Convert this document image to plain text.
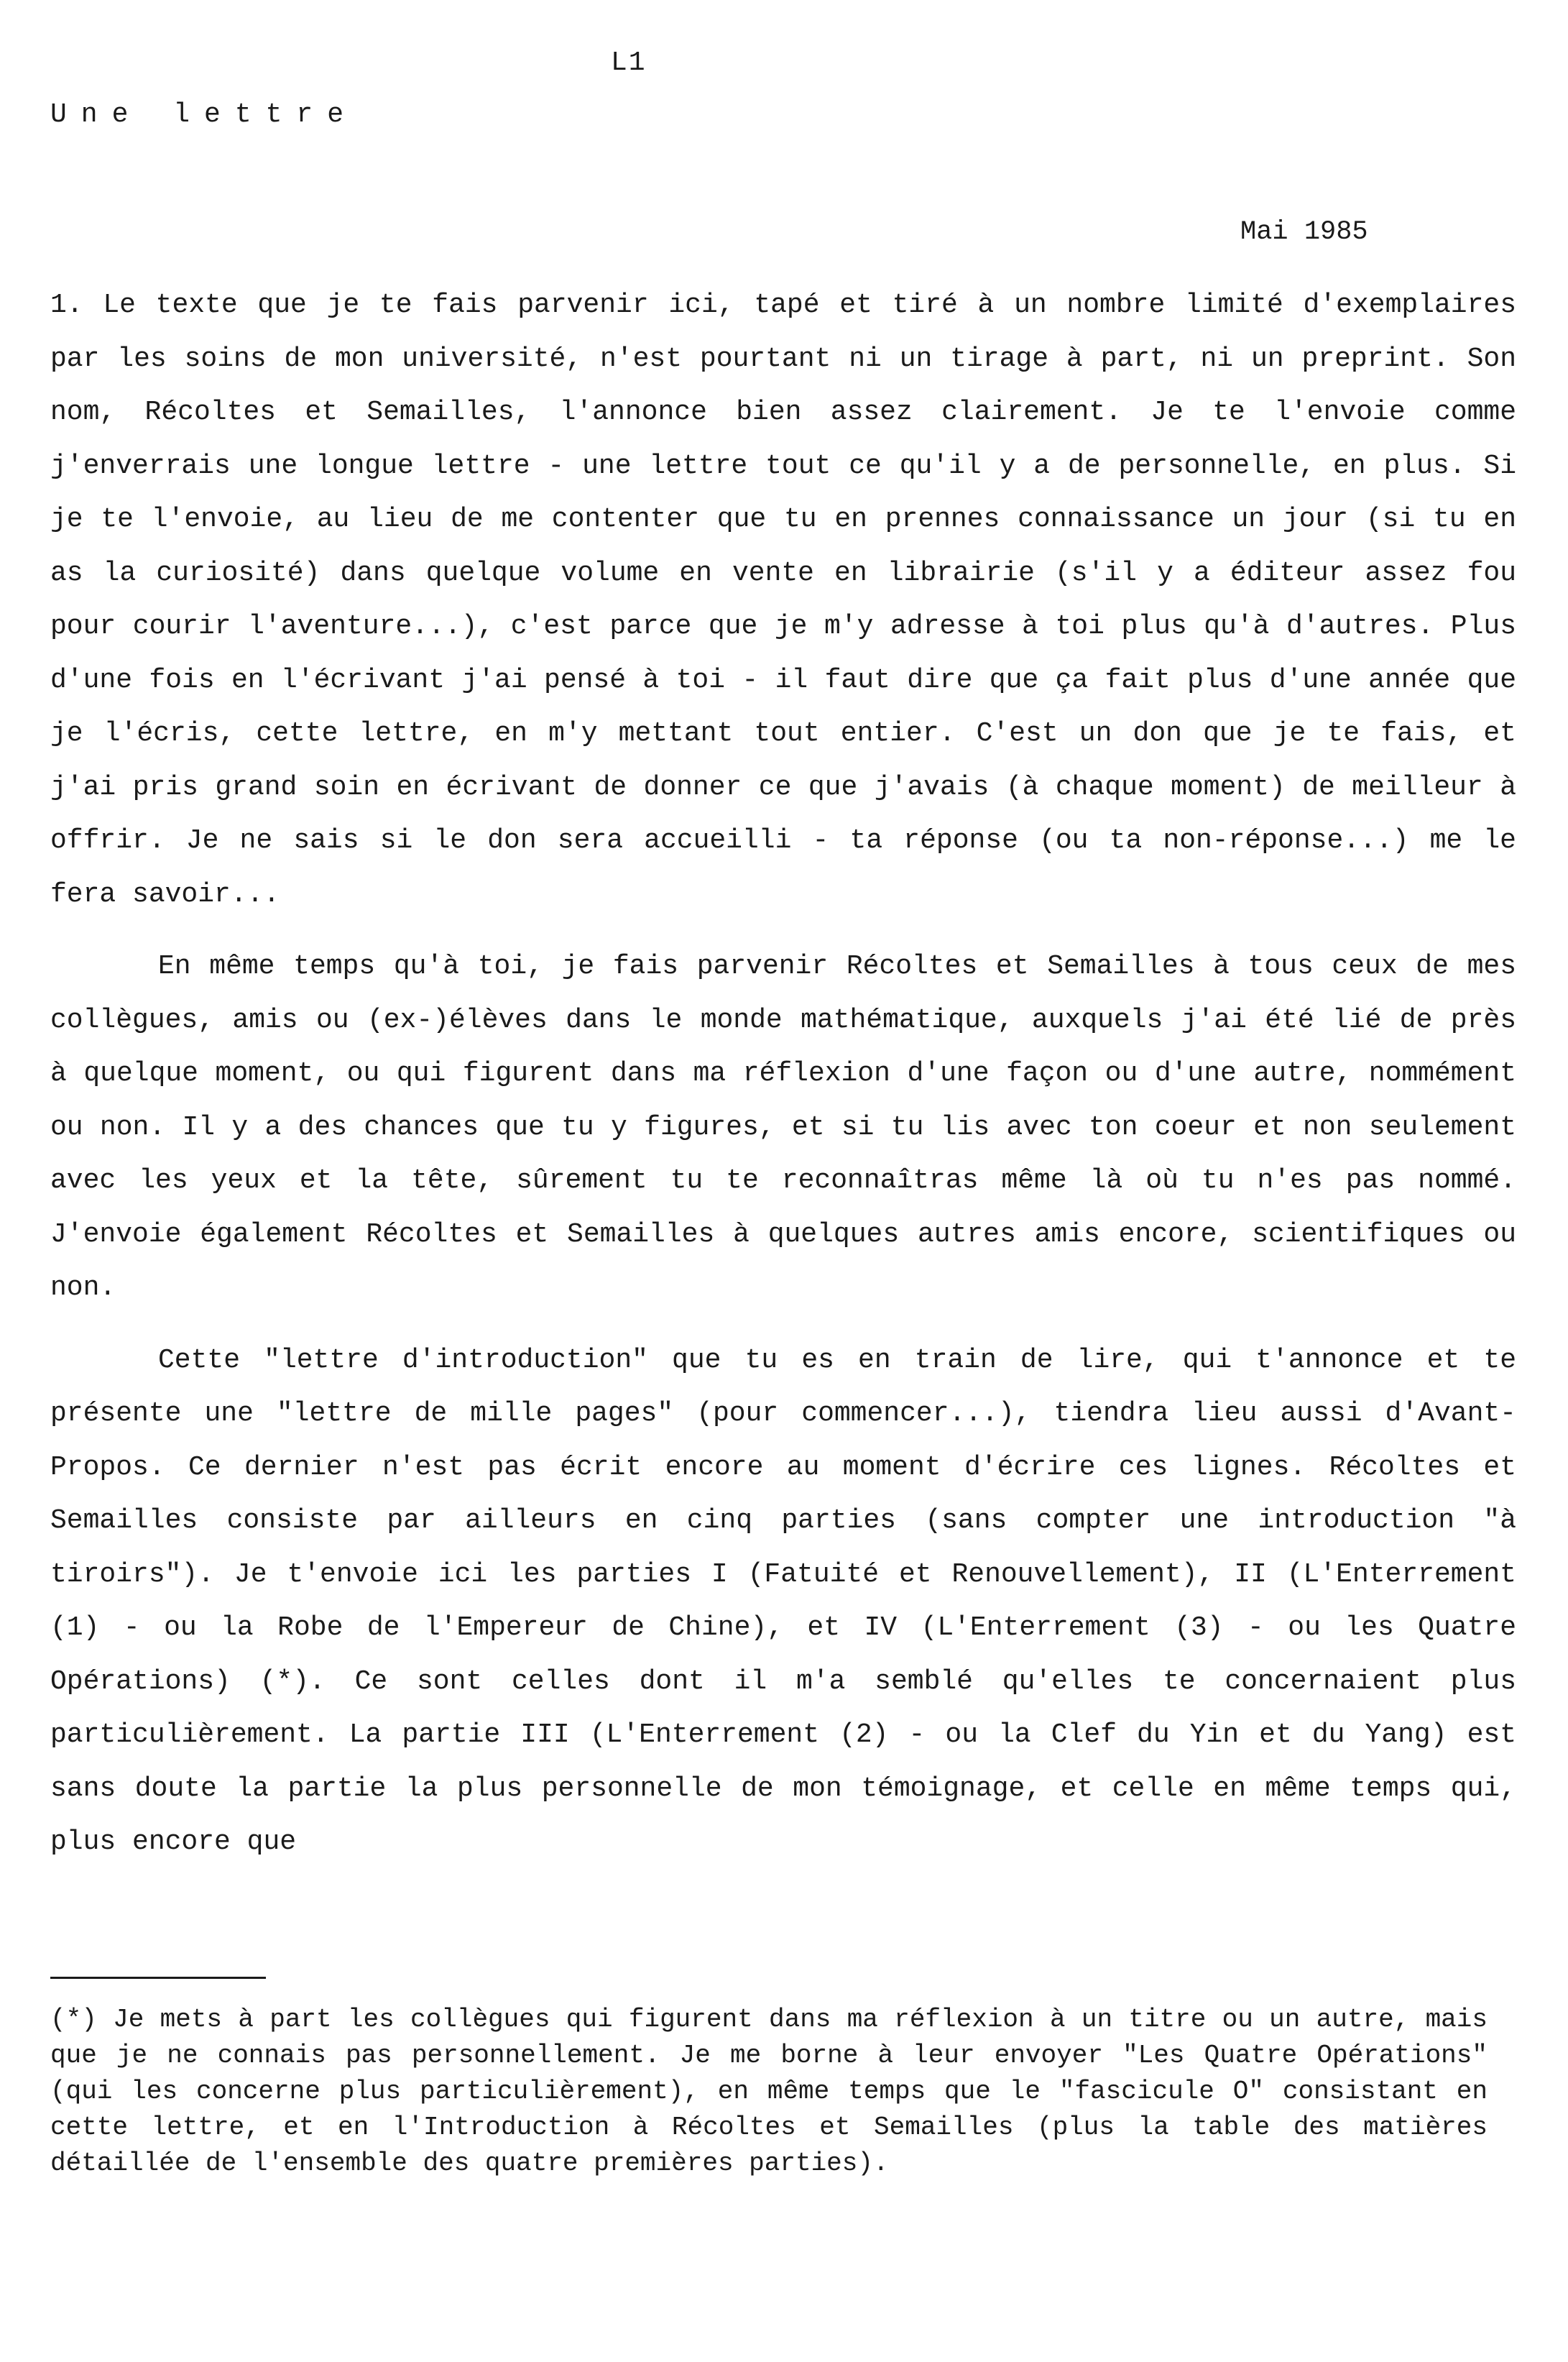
L1
Une lettre
Mai 1985

1. Le texte que je te fais parvenir ici, tapé et tiré à un nombre limité d'exemplaires par les soins de mon université, n'est pourtant ni un tirage à part, ni un preprint. Son nom, Récoltes et Semailles, l'annonce bien assez clairement. Je te l'envoie comme j'enverrais une longue lettre - une lettre tout ce qu'il y a de personnelle, en plus. Si je te l'envoie, au lieu de me contenter que tu en prennes connaissance un jour (si tu en as la curiosité) dans quelque volume en vente en librairie (s'il y a éditeur assez fou pour courir l'aventure...), c'est parce que je m'y adresse à toi plus qu'à d'autres. Plus d'une fois en l'écrivant j'ai pensé à toi - il faut dire que ça fait plus d'une année que je l'écris, cette lettre, en m'y mettant tout entier. C'est un don que je te fais, et j'ai pris grand soin en écrivant de donner ce que j'avais (à chaque moment) de meilleur à offrir. Je ne sais si le don sera accueilli - ta réponse (ou ta non-réponse...) me le fera savoir...

En même temps qu'à toi, je fais parvenir Récoltes et Semailles à tous ceux de mes collègues, amis ou (ex-)élèves dans le monde mathématique, auxquels j'ai été lié de près à quelque moment, ou qui figurent dans ma réflexion d'une façon ou d'une autre, nommément ou non. Il y a des chances que tu y figures, et si tu lis avec ton coeur et non seulement avec les yeux et la tête, sûrement tu te reconnaîtras même là où tu n'es pas nommé. J'envoie également Récoltes et Semailles à quelques autres amis encore, scientifiques ou non.

Cette "lettre d'introduction" que tu es en train de lire, qui t'annonce et te présente une "lettre de mille pages" (pour commencer...), tiendra lieu aussi d'Avant-Propos. Ce dernier n'est pas écrit encore au moment d'écrire ces lignes. Récoltes et Semailles consiste par ailleurs en cinq parties (sans compter une introduction "à tiroirs"). Je t'envoie ici les parties I (Fatuité et Renouvellement), II (L'Enterrement (1) - ou la Robe de l'Empereur de Chine), et IV (L'Enterrement (3) - ou les Quatre Opérations) (*). Ce sont celles dont il m'a semblé qu'elles te concernaient plus particulièrement. La partie III (L'Enterrement (2) - ou la Clef du Yin et du Yang) est sans doute la partie la plus personnelle de mon témoignage, et celle en même temps qui, plus encore que

(*) Je mets à part les collègues qui figurent dans ma réflexion à un titre ou un autre, mais que je ne connais pas personnellement. Je me borne à leur envoyer "Les Quatre Opérations" (qui les concerne plus particulièrement), en même temps que le "fascicule O" consistant en cette lettre, et en l'Introduction à Récoltes et Semailles (plus la table des matières détaillée de l'ensemble des quatre premières parties).
